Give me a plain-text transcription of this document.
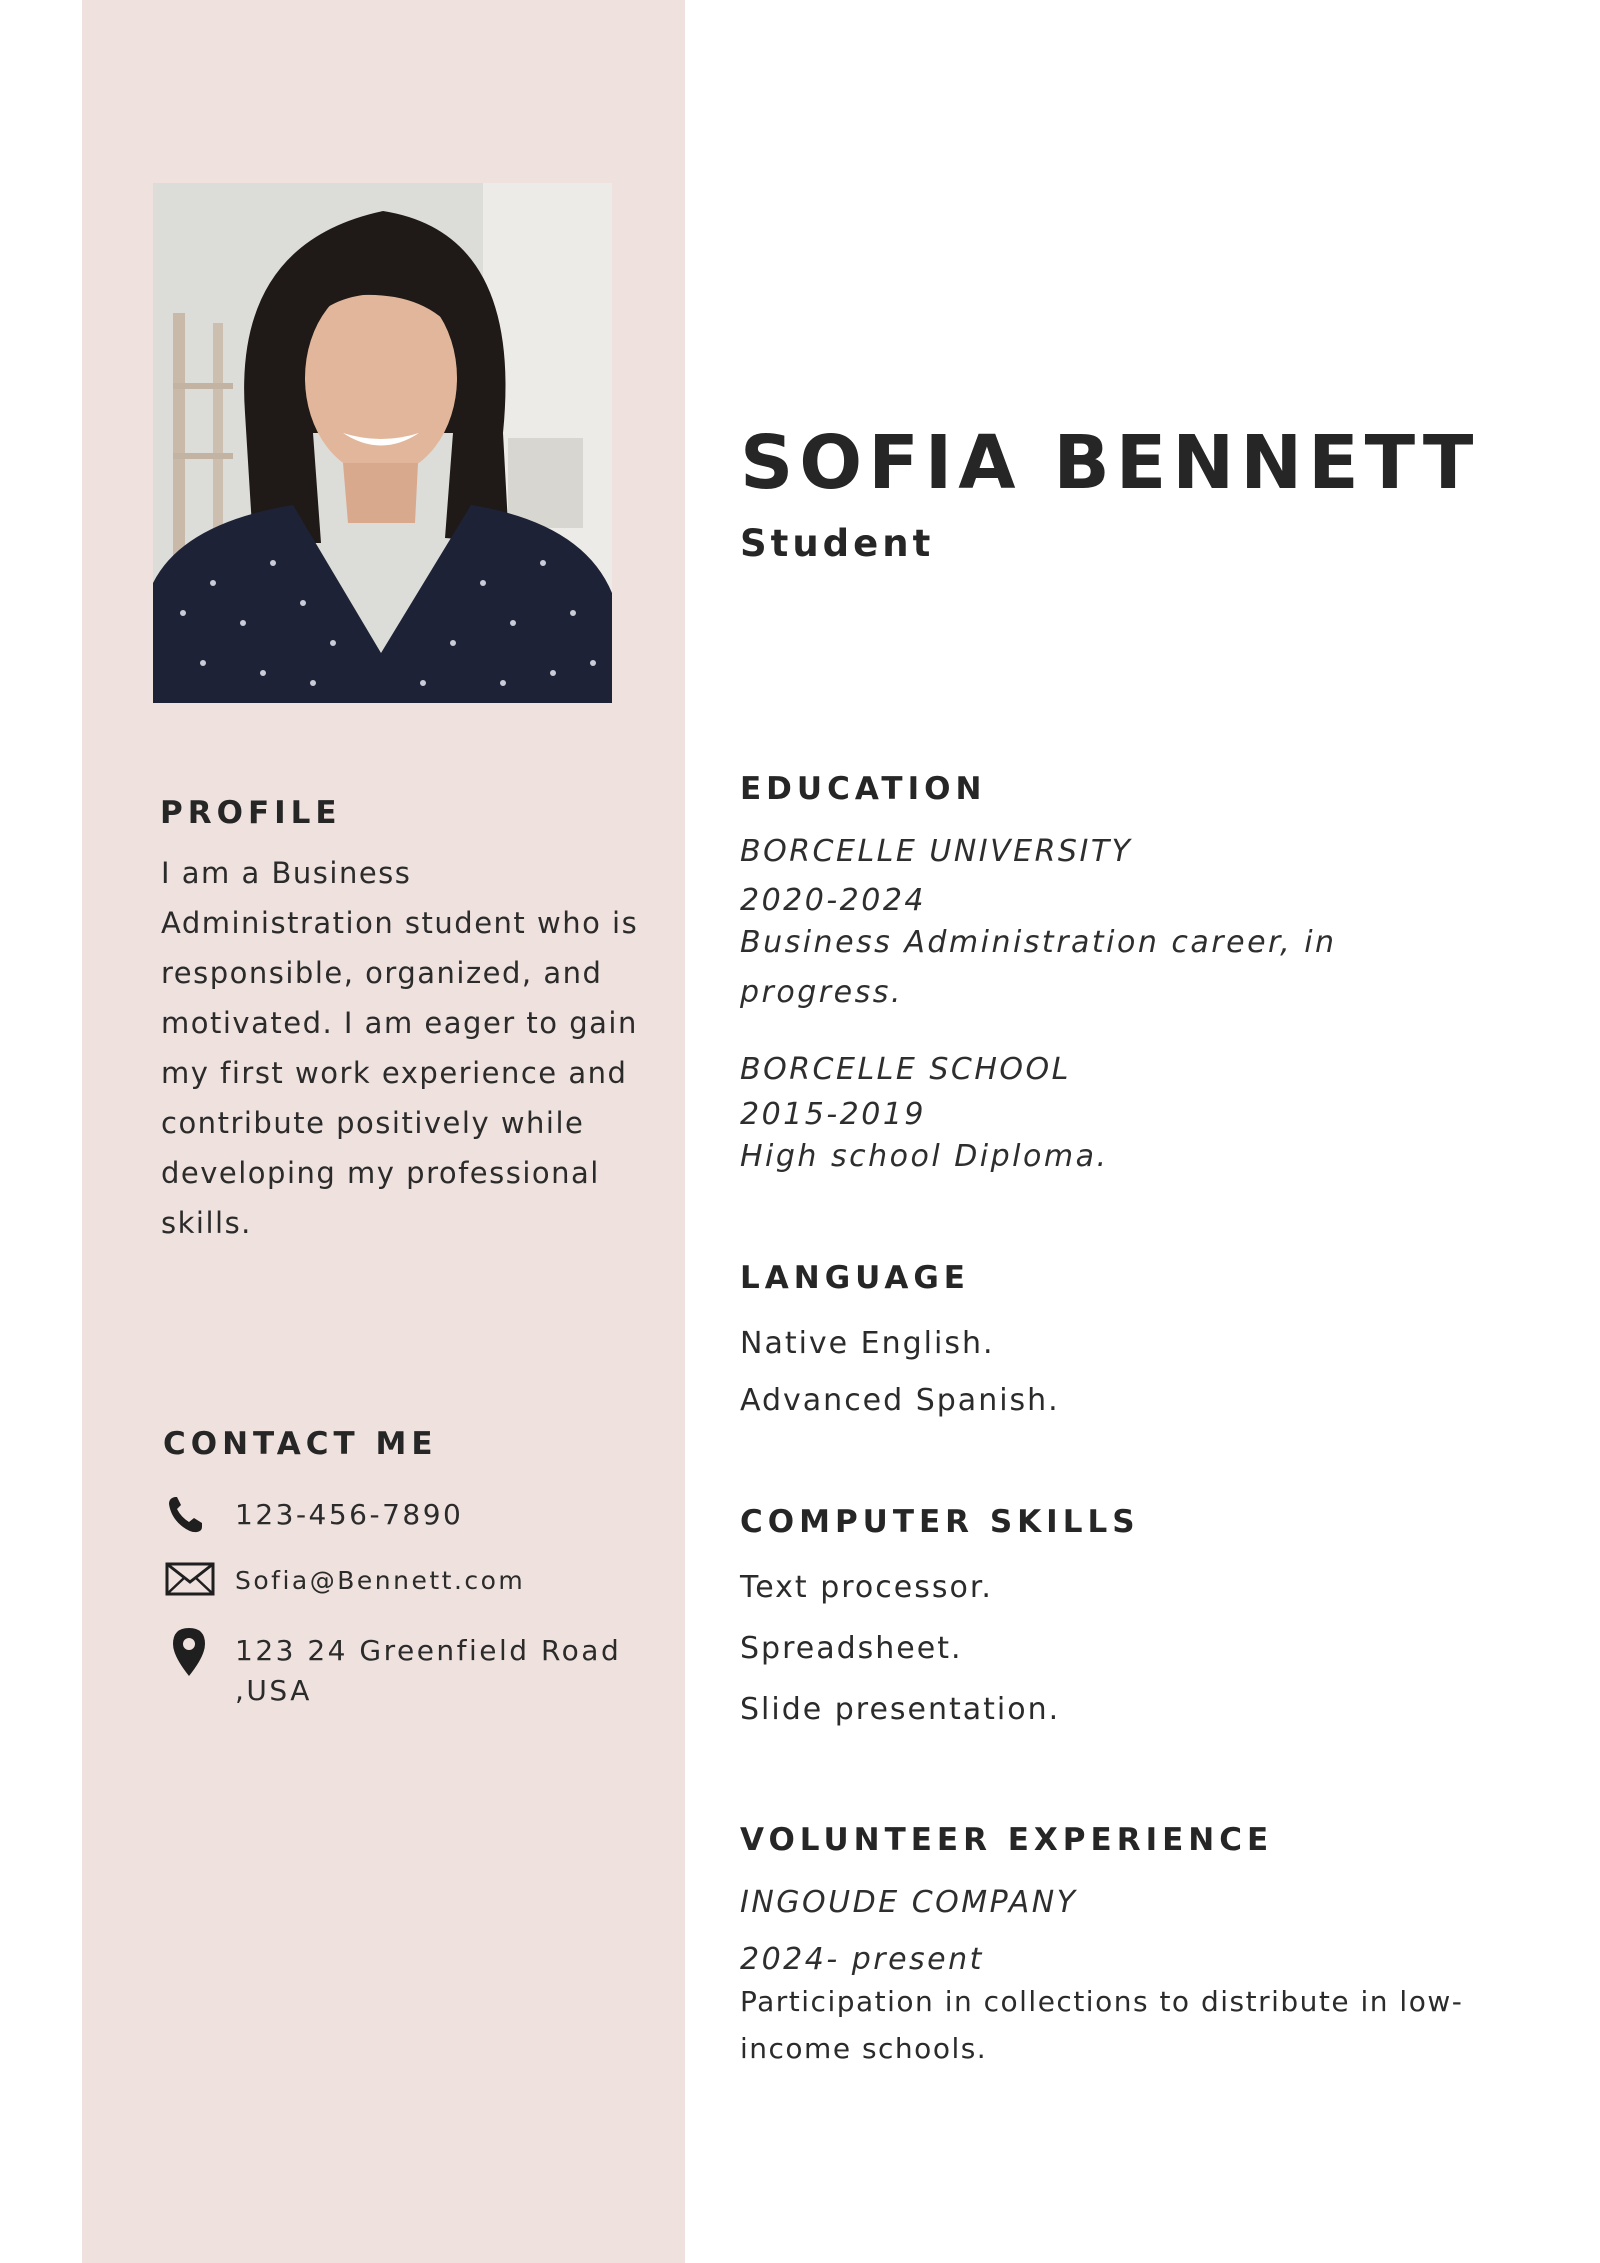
PROFILE
I am a Business
Administration student who is
responsible, organized, and
motivated. I am eager to gain
my first work experience and
contribute positively while
developing my professional
skills.
CONTACT ME
123-456-7890
Sofia@Bennett.com
123 24 Greenfield Road
,USA
SOFIA BENNETT
Student
EDUCATION
BORCELLE UNIVERSITY
2020-2024
Business Administration career, in
progress.
BORCELLE SCHOOL
2015-2019
High school Diploma.
LANGUAGE
Native English.
Advanced Spanish.
COMPUTER SKILLS
Text processor.
Spreadsheet.
Slide presentation.
VOLUNTEER EXPERIENCE
INGOUDE COMPANY
2024- present
Participation in collections to distribute in low-
income schools.
